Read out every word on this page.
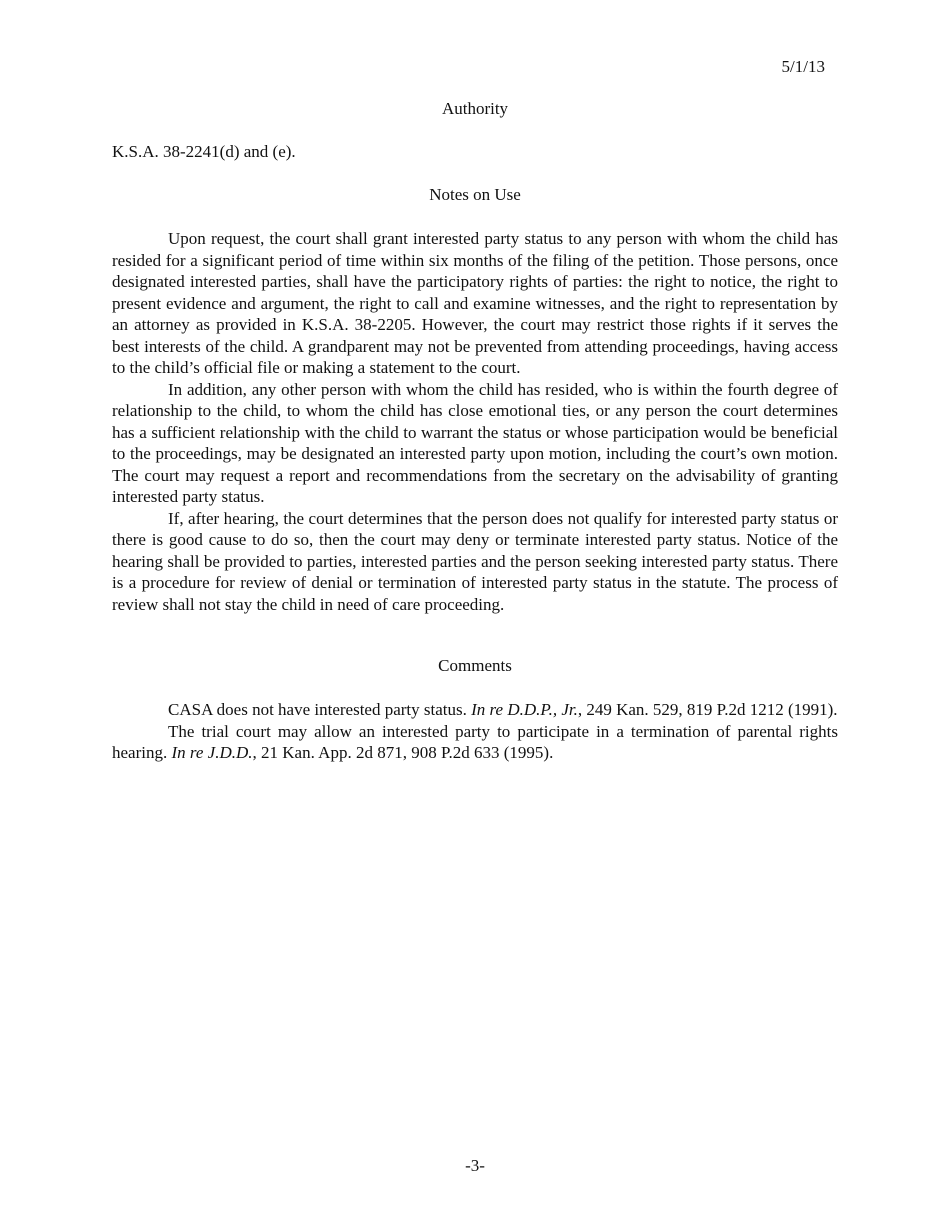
5/1/13
Authority
K.S.A. 38-2241(d) and (e).
Notes on Use

Upon request, the court shall grant interested party status to any person with whom the child has resided for a significant period of time within six months of the filing of the petition. Those persons, once designated interested parties, shall have the participatory rights of parties: the right to notice, the right to present evidence and argument, the right to call and examine witnesses, and the right to representation by an attorney as provided in K.S.A. 38-2205. However, the court may restrict those rights if it serves the best interests of the child. A grandparent may not be prevented from attending proceedings, having access to the child’s official file or making a statement to the court.

In addition, any other person with whom the child has resided, who is within the fourth degree of relationship to the child, to whom the child has close emotional ties, or any person the court determines has a sufficient relationship with the child to warrant the status or whose participation would be beneficial to the proceedings, may be designated an interested party upon motion, including the court’s own motion. The court may request a report and recommendations from the secretary on the advisability of granting interested party status.

If, after hearing, the court determines that the person does not qualify for interested party status or there is good cause to do so, then the court may deny or terminate interested party status. Notice of the hearing shall be provided to parties, interested parties and the person seeking interested party status. There is a procedure for review of denial or termination of interested party status in the statute. The process of review shall not stay the child in need of care proceeding.

Comments

CASA does not have interested party status. In re D.D.P., Jr., 249 Kan. 529, 819 P.2d 1212 (1991).

The trial court may allow an interested party to participate in a termination of parental rights hearing. In re J.D.D., 21 Kan. App. 2d 871, 908 P.2d 633 (1995).

-3-
